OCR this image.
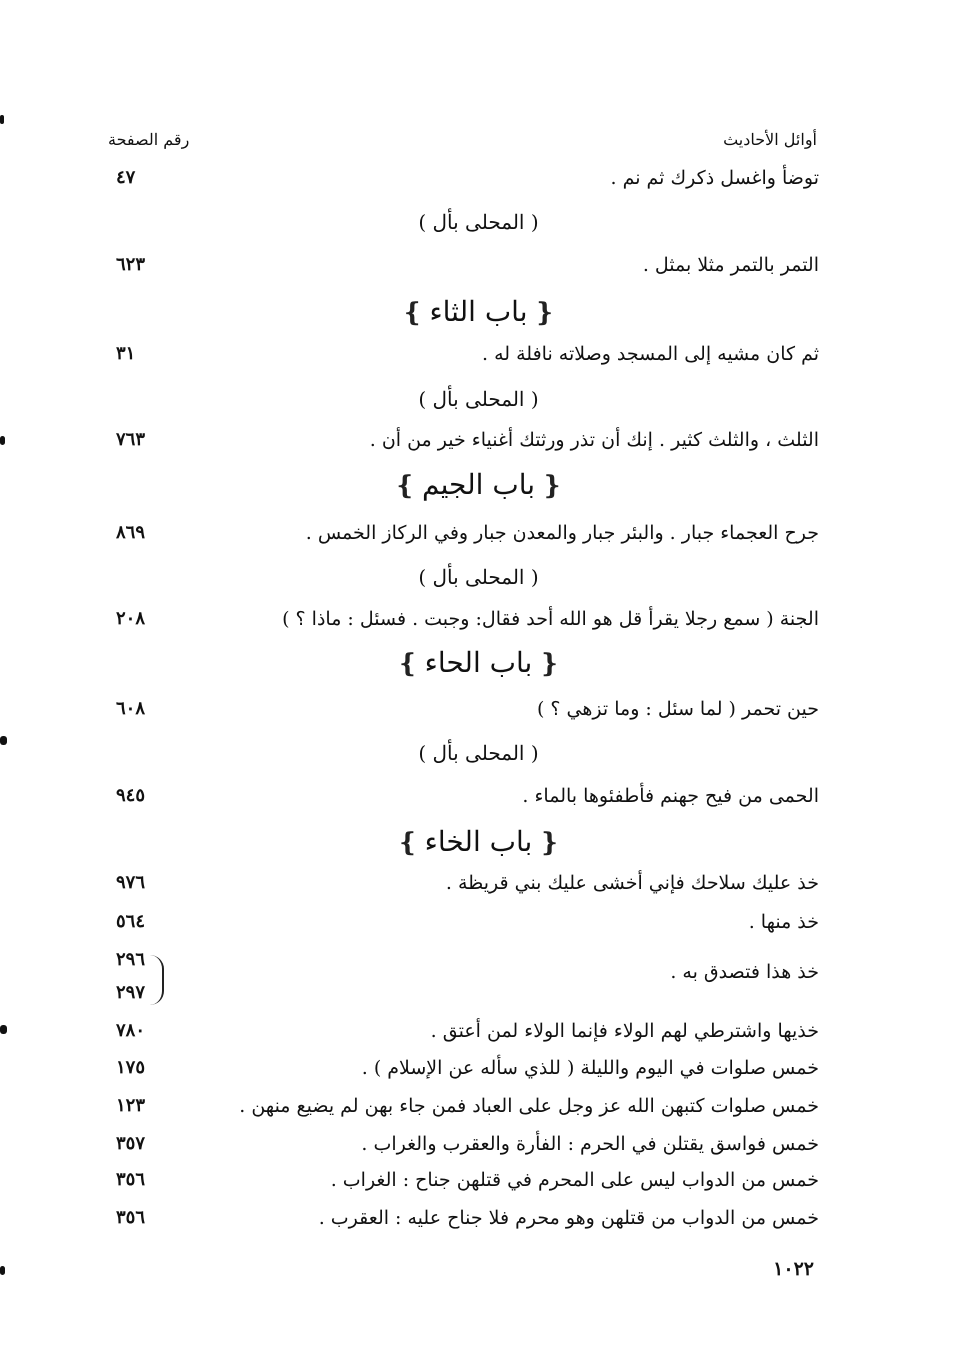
أوائل الأحاديث
رقم الصفحة
توضأ واغسل ذكرك ثم نم .
٤٧
( المحلى بأل )
التمر بالتمر مثلا بمثل .
٦٢٣
❴باب الثاء❵
ثم كان مشيه إلى المسجد وصلاته نافلة له .
٣١
( المحلى بأل )
الثلث ، والثلث كثير . إنك أن تذر ورثتك أغنياء خير من أن .
٧٦٣
❴باب الجيم❵
جرح العجماء جبار . والبئر جبار والمعدن جبار وفي الركاز الخمس .
٨٦٩
( المحلى بأل )
الجنة ( سمع رجلا يقرأ قل هو الله أحد فقال: وجبت . فسئل : ماذا ؟ )
٢٠٨
❴باب الحاء❵
حين تحمر ( لما سئل : وما تزهي ؟ )
٦٠٨
( المحلى بأل )
الحمى من فيح جهنم فأطفئوها بالماء .
٩٤٥
❴باب الخاء❵
خذ عليك سلاحك فإني أخشى عليك بني قريظة .
٩٧٦
خذ منها .
٥٦٤
خذ هذا فتصدق به .
٢٩٦
٢٩٧
خذيها واشترطي لهم الولاء فإنما الولاء لمن أعتق .
٧٨٠
خمس صلوات في اليوم والليلة ( للذي سأله عن الإسلام ) .
١٧٥
خمس صلوات كتبهن الله عز وجل على العباد فمن جاء بهن لم يضيع منهن .
١٢٣
خمس فواسق يقتلن في الحرم : الفأرة والعقرب والغراب .
٣٥٧
خمس من الدواب ليس على المحرم في قتلهن جناح : الغراب .
٣٥٦
خمس من الدواب من قتلهن وهو محرم فلا جناح عليه : العقرب .
٣٥٦
١٠٢٢
